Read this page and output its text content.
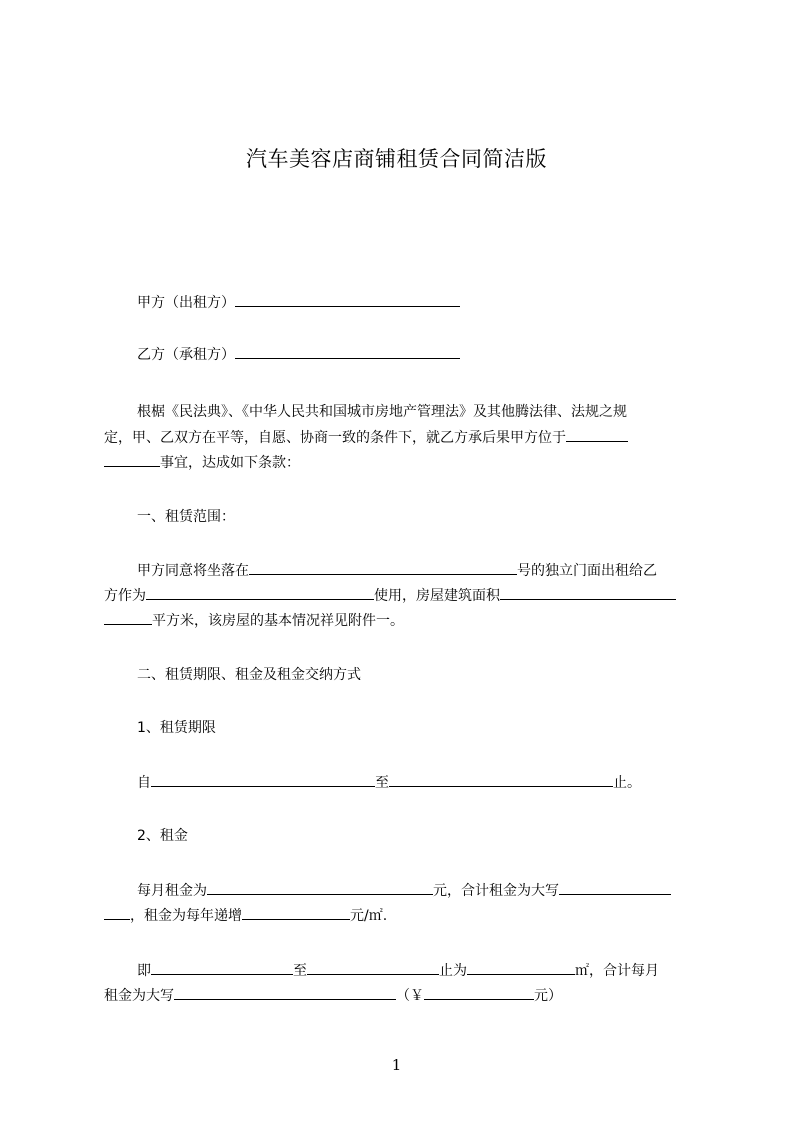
汽车美容店商铺租赁合同简洁版
甲方（出租方）
乙方（承租方）
根椐《民法典》、《中华人民共和国城市房地产管理法》及其他腾法律、法规之规
定，甲、乙双方在平等，自愿、协商一致的条件下，就乙方承后果甲方位于
事宜，达成如下条款：
一、租赁范围：
甲方同意将坐落在	号的独立门面出租给乙
方作为	使用，房屋建筑面积
平方米，该房屋的基本情况祥见附件一。
二、租赁期限、租金及租金交纳方式
1、租赁期限
自	至	止。
2、租金
每月租金为	元，合计租金为大写
，租金为每年递增	元/㎡.
即	至	止为	㎡，合计每月
租金为大写	（￥	元）
1
